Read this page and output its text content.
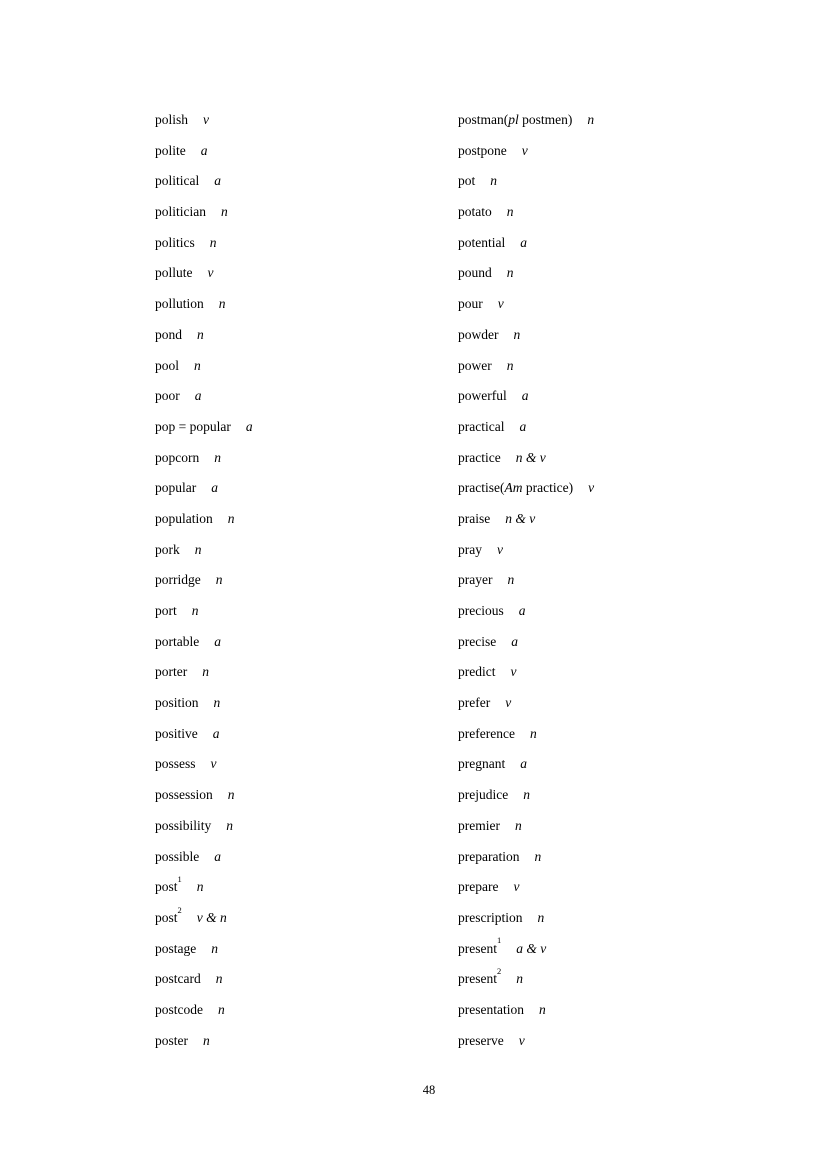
polish v
polite a
political a
politician n
politics n
pollute v
pollution n
pond n
pool n
poor a
pop = popular a
popcorn n
popular a
population n
pork n
porridge n
port n
portable a
porter n
position n
positive a
possess v
possession n
possibility n
possible a
post$^1$n
post$^2$v & n
postage n
postcard n
postcode n
poster n
postman(pl postmen) n
postpone v
pot n
potato n
potential a
pound n
pour v
powder n
power n
powerful a
practical a
practice n & v
practise(Am practice) v
praise n & v
pray v
prayer n
precious a
precise a
predict v
prefer v
preference n
pregnant a
prejudice n
premier n
preparation n
prepare v
prescription n
present$^1$a & v
present$^2$n
presentation n
preserve v
48
